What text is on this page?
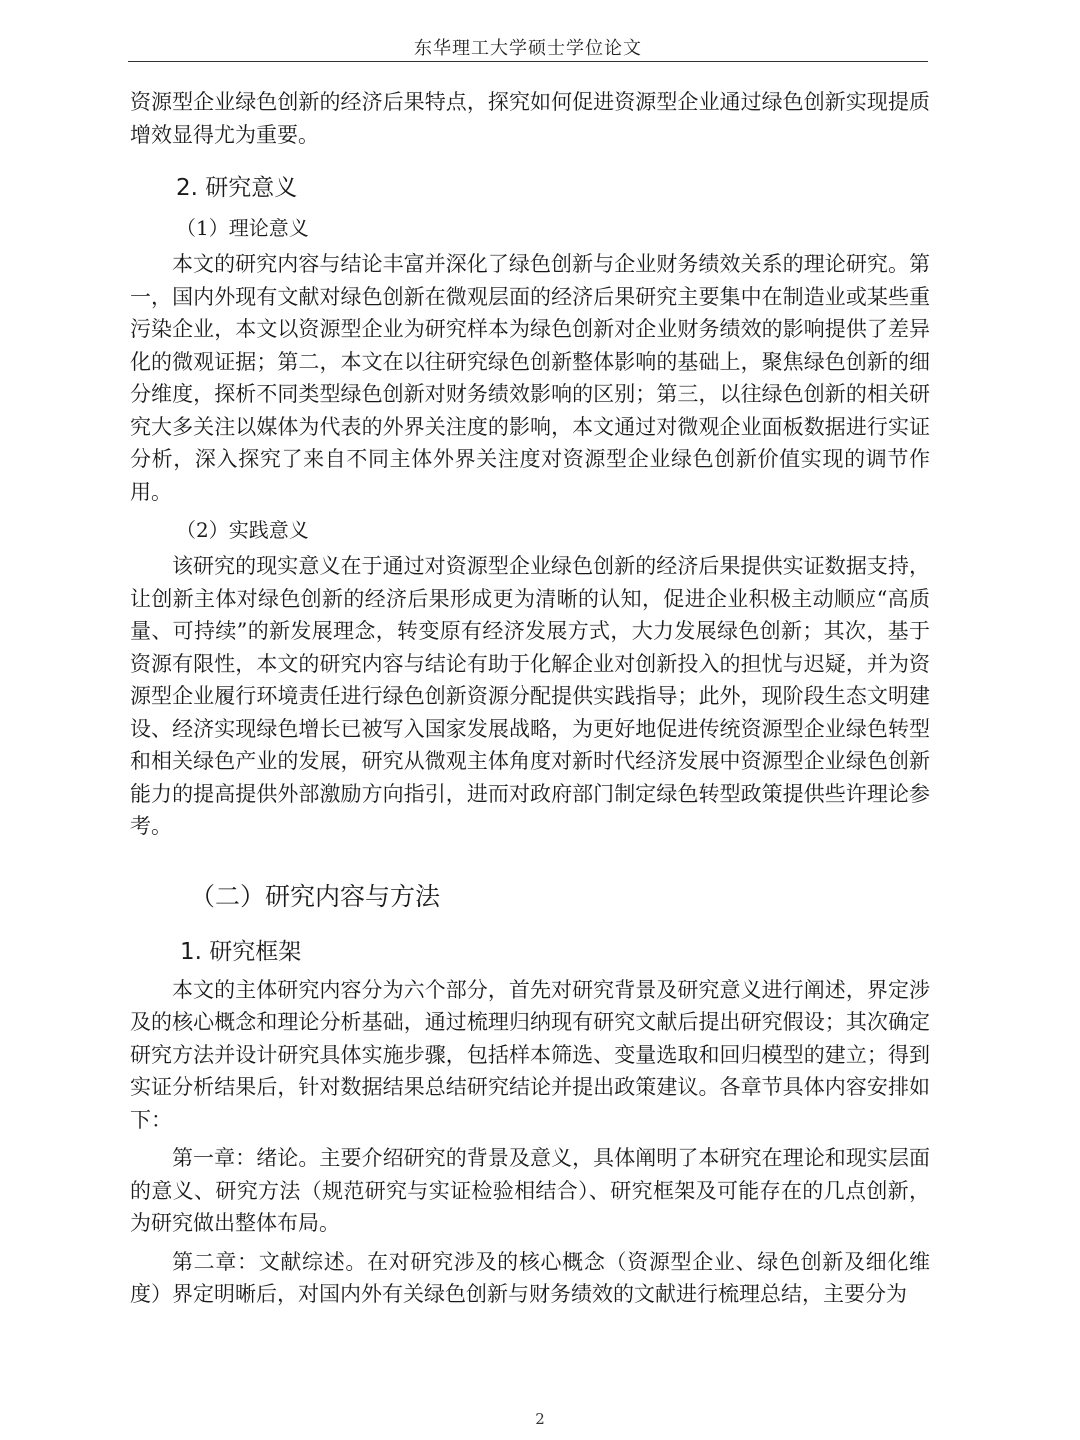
东华理工大学硕士学位论文

资源型企业绿色创新的经济后果特点，探究如何促进资源型企业通过绿色创新实现提质增效显得尤为重要。

2. 研究意义
（1）理论意义

本文的研究内容与结论丰富并深化了绿色创新与企业财务绩效关系的理论研究。第一，国内外现有文献对绿色创新在微观层面的经济后果研究主要集中在制造业或某些重污染企业，本文以资源型企业为研究样本为绿色创新对企业财务绩效的影响提供了差异化的微观证据；第二，本文在以往研究绿色创新整体影响的基础上，聚焦绿色创新的细分维度，探析不同类型绿色创新对财务绩效影响的区别；第三，以往绿色创新的相关研究大多关注以媒体为代表的外界关注度的影响，本文通过对微观企业面板数据进行实证分析，深入探究了来自不同主体外界关注度对资源型企业绿色创新价值实现的调节作用。

（2）实践意义

该研究的现实意义在于通过对资源型企业绿色创新的经济后果提供实证数据支持，让创新主体对绿色创新的经济后果形成更为清晰的认知，促进企业积极主动顺应“高质量、可持续”的新发展理念，转变原有经济发展方式，大力发展绿色创新；其次，基于资源有限性，本文的研究内容与结论有助于化解企业对创新投入的担忧与迟疑，并为资源型企业履行环境责任进行绿色创新资源分配提供实践指导；此外，现阶段生态文明建设、经济实现绿色增长已被写入国家发展战略，为更好地促进传统资源型企业绿色转型和相关绿色产业的发展，研究从微观主体角度对新时代经济发展中资源型企业绿色创新能力的提高提供外部激励方向指引，进而对政府部门制定绿色转型政策提供些许理论参考。

（二）研究内容与方法
1. 研究框架

本文的主体研究内容分为六个部分，首先对研究背景及研究意义进行阐述，界定涉及的核心概念和理论分析基础，通过梳理归纳现有研究文献后提出研究假设；其次确定研究方法并设计研究具体实施步骤，包括样本筛选、变量选取和回归模型的建立；得到实证分析结果后，针对数据结果总结研究结论并提出政策建议。各章节具体内容安排如下：

第一章：绪论。主要介绍研究的背景及意义，具体阐明了本研究在理论和现实层面的意义、研究方法（规范研究与实证检验相结合）、研究框架及可能存在的几点创新，为研究做出整体布局。

第二章：文献综述。在对研究涉及的核心概念（资源型企业、绿色创新及细化维度）界定明晰后，对国内外有关绿色创新与财务绩效的文献进行梳理总结，主要分为

2
